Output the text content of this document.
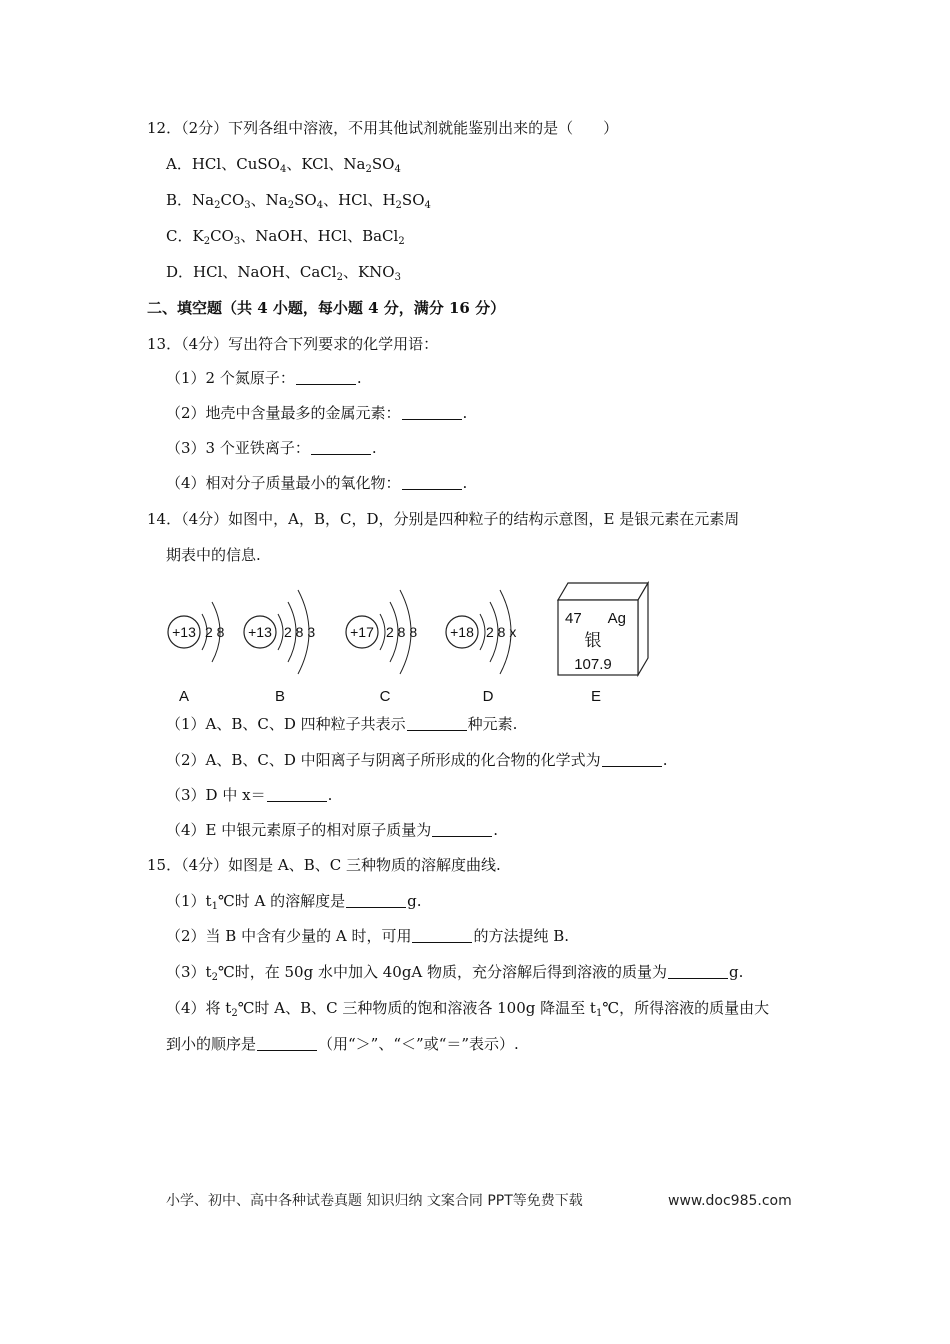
12．（2分）下列各组中溶液，不用其他试剂就能鉴别出来的是（　　）
A．HCl、CuSO$_4$、KCl、$Na_2SO_4$
B．$Na_2CO_3$、$Na_2SO_4$、HCl、$H_2SO_4$
C．$K_2CO_3$、NaOH、HCl、BaCl$_2$
D．HCl、NaOH、CaCl$_2$、$KNO_3$
二、填空题（共 4 小题，每小题 4 分，满分 16 分）
13．（4分）写出符合下列要求的化学用语：
（1）2 个氮原子：	.
（2）地壳中含量最多的金属元素：	.
（3）3 个亚铁离子：	.
（4）相对分子质量最小的氧化物：	.
14．（4分）如图中，A，B，C，D，分别是四种粒子的结构示意图，E 是银元素在元素周
期表中的信息.
+13 2 8
A
+13 2 8 3
B
+17 2 8 8
C
+18 2 8 x
D
47 Ag
银
107.9
E
（1）A、B、C、D 四种粒子共表示	种元素.
（2）A、B、C、D 中阳离子与阴离子所形成的化合物的化学式为	.
（3）D 中 x＝	.
（4）E 中银元素原子的相对原子质量为	.
15．（4分）如图是 A、B、C 三种物质的溶解度曲线.
$(1)t_1℃$时 A 的溶解度是	g.
（2）当 B 中含有少量的 A 时，可用	的方法提纯 B.
$(3)t_2℃$时，在 50g 水中加入 40gA 物质，充分溶解后得到溶液的质量为	g.
（4）将 $t_2℃$时 A、B、C 三种物质的饱和溶液各 100g 降温至 $t_1℃$，所得溶液的质量由大
到小的顺序是	（用“＞”、“＜”或“＝”表示）.
小学、初中、高中各种试卷真题 知识归纳 文案合同 PPT等免费下载	www.doc985.com
